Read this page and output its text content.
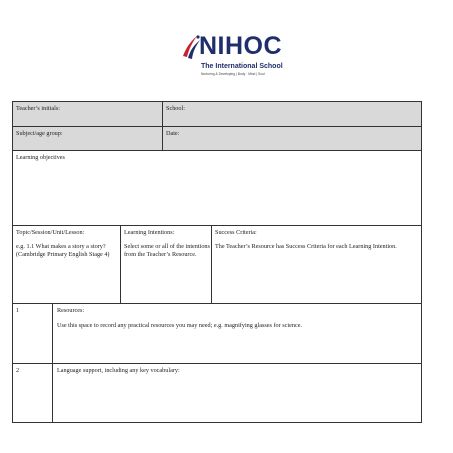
NIHOC
The International School
Nurturing & Developing | Body · Mind | Soul
Teacher’s initials:	School:
Subject/age group:	Date:
Learning objectives
Topic/Session/Unit/Lesson:
e.g. 1.1 What makes a story a story? (Cambridge Primary English Stage 4)
Learning Intentions:
Select some or all of the intentions from the Teacher’s Resource.
Success Criteria:
The Teacher’s Resource has Success Criteria for each Learning Intention.
1	Resources:
Use this space to record any practical resources you may need; e.g. magnifying glasses for science.
2	Language support, including any key vocabulary:
